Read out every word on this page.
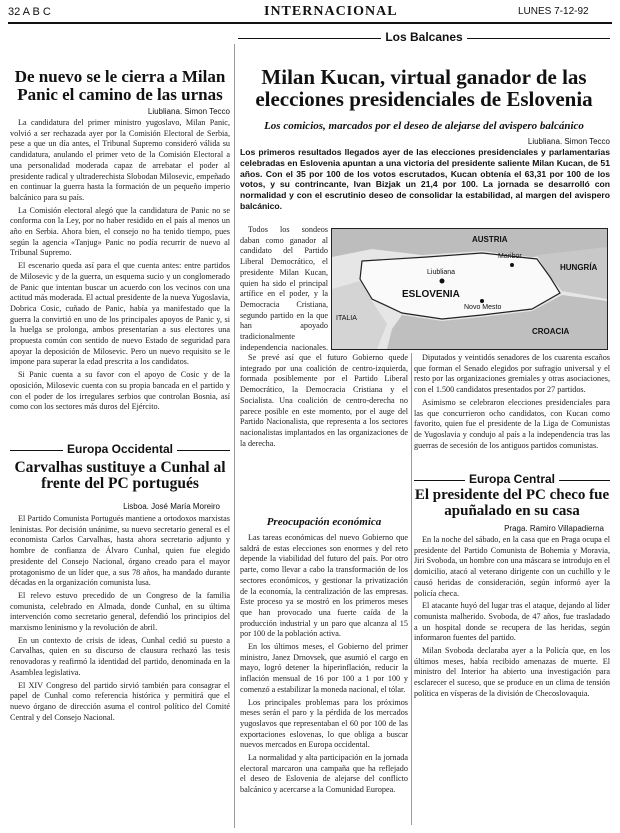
32 A B C	INTERNACIONAL	LUNES 7-12-92
Los Balcanes
De nuevo se le cierra a Milan Panic el camino de las urnas
Liubliana. Simon Tecco

La candidatura del primer ministro yugoslavo, Milan Panic, volvió a ser rechazada ayer por la Comisión Electoral de Serbia, pese a que un día antes, el Tribunal Supremo consideró válida su candidatura, anulando el primer veto de la Comisión Electoral a una personalidad moderada capaz de arrebatar el poder al presidente radical y ultraderechista Slobodan Milosevic, empeñado en continuar la guerra hasta la formación de un pequeño imperio balcánico para su país.

La Comisión electoral alegó que la candidatura de Panic no se conforma con la Ley, por no haber residido en el país al menos un año en Serbia. Ahora bien, el consejo no ha tenido tiempo, pues según la agencia «Tanjug» Panic no podía recurrir de nuevo al Tribunal Supremo.

El escenario queda así para el que cuenta antes: entre partidos de Milosevic y de la guerra, un esquema sucio y un conglomerado de Panic que intentan buscar un acuerdo con los vecinos con una actitud más moderada. El actual presidente de la nueva Yugoslavia, Dobrica Cosic, cuñado de Panic, había ya manifestado que la guerra la convirtió en uno de los principales apoyos de Panic y, si la huelga se prolonga, ambos presentarían a sus electores una propuesta común con sentido de nuevo Estado de seguridad para apoyar la deposición de Milosevic. Pero un nuevo requisito se le impone para superar la edad prescrita a los candidatos.

Si Panic cuenta a su favor con el apoyo de Cosic y de la oposición, Milosevic cuenta con su propia bancada en el partido y con el poder de los irregulares serbios que controlan Bosnia, así como con los sectores más duros del Ejército.

Europa Occidental
Carvalhas sustituye a Cunhal al frente del PC portugués
Lisboa. José María Moreiro

El Partido Comunista Portugués mantiene a ortodoxos marxistas leninistas. Por decisión unánime, su nuevo secretario general es el economista Carlos Carvalhas, hasta ahora secretario adjunto y hombre de confianza de Álvaro Cunhal, quien fue elegido presidente del Consejo Nacional, órgano creado para el mayor protagonismo de un líder que, a sus 78 años, ha mandado durante décadas en la organización comunista lusa.

El relevo estuvo precedido de un Congreso de la familia comunista, celebrado en Almada, donde Cunhal, en su última intervención como secretario general, defendió los principios del marxismo leninismo y la revolución de abril.

En un contexto de crisis de ideas, Cunhal cedió su puesto a Carvalhas, quien en su discurso de clausura rechazó las tesis renovadoras y reafirmó la identidad del partido, denominada en la Asamblea legislativa.

El XIV Congreso del partido sirvió también para consagrar el papel de Cunhal como referencia histórica y permitirá que el nuevo órgano de dirección asuma el control político del Comité Central y del Consejo Nacional.

Milan Kucan, virtual ganador de las elecciones presidenciales de Eslovenia
Los comicios, marcados por el deseo de alejarse del avispero balcánico
Liubliana. Simon Tecco
Los primeros resultados llegados ayer de las elecciones presidenciales y parlamentarias celebradas en Eslovenia apuntan a una victoria del presidente saliente Milan Kucan, de 51 años. Con el 35 por 100 de los votos escrutados, Kucan obtenía el 63,31 por 100 de los votos, y su contrincante, Ivan Bizjak un 21,4 por 100. La jornada se desarrolló con normalidad y con el escrutinio deseo de consolidar la estabilidad, al margen del avispero balcánico.

Todos los sondeos daban como ganador al candidato del Partido Liberal Democrático, el presidente Milan Kucan, quien ha sido el principal artífice en el poder, y la Democracia Cristiana, segundo partido en la que han apoyado tradicionalmente independencia nacionales.

Se prevé así que el futuro Gobierno quede integrado por una coalición de centro-izquierda, formada posiblemente por el Partido Liberal Democrático, la Democracia Cristiana y el Socialista. Una coalición de centro-derecha no parece posible en este momento, por el auge del Partido Nacionalista, que representa a los sectores nacionalistas implantados en las organizaciones de la derecha.

AUSTRIA
HUNGRÍA
CROACIA
ITALIA
ESLOVENIA
Liubliana
Maribor
Novo Mesto

Diputados y veintidós senadores de los cuarenta escaños que forman el Senado elegidos por sufragio universal y el resto por las organizaciones gremiales y otras asociaciones, con el 1.500 candidatos presentados por 27 partidos.

Asimismo se celebraron elecciones presidenciales para las que concurrieron ocho candidatos, con Kucan como favorito, quien fue el presidente de la Liga de Comunistas de Yugoslavia y condujo al país a la independencia tras las guerras de secesión de los antiguos partidos comunistas.

Preocupación económica

Las tareas económicas del nuevo Gobierno que saldrá de estas elecciones son enormes y del reto depende la viabilidad del futuro del país. Por otro parte, como llevar a cabo la transformación de los sectores económicos, y gestionar la privatización de la economía, la centralización de las empresas. Este proceso ya se mostró en los primeros meses que han provocado una fuerte caída de la producción industrial y un paro que alcanza al 15 por 100 de la población activa.

En los últimos meses, el Gobierno del primer ministro, Janez Drnovsek, que asumió el cargo en mayo, logró detener la hiperinflación, reducir la inflación mensual de 16 por 100 a 1 por 100 y comenzó a estabilizar la moneda nacional, el tólar.

Los principales problemas para los próximos meses serán el paro y la pérdida de los mercados yugoslavos que representaban el 60 por 100 de las exportaciones eslovenas, lo que obliga a buscar nuevos mercados en Europa occidental.

La normalidad y alta participación en la jornada electoral marcaron una campaña que ha reflejado el deseo de Eslovenia de alejarse del conflicto balcánico y acercarse a la Comunidad Europea.

Europa Central
El presidente del PC checo fue apuñalado en su casa
Praga. Ramiro Villapadierna

En la noche del sábado, en la casa que en Praga ocupa el presidente del Partido Comunista de Bohemia y Moravia, Jiri Svoboda, un hombre con una máscara se introdujo en el domicilio, atacó al veterano dirigente con un cuchillo y le causó heridas de consideración, según informó ayer la policía checa.

El atacante huyó del lugar tras el ataque, dejando al líder comunista malherido. Svoboda, de 47 años, fue trasladado a un hospital donde se recupera de las heridas, según informaron fuentes del partido.

Milan Svoboda declaraba ayer a la Policía que, en los últimos meses, había recibido amenazas de muerte. El ministro del Interior ha abierto una investigación para esclarecer el suceso, que se produce en un clima de tensión política en vísperas de la división de Checoslovaquia.
